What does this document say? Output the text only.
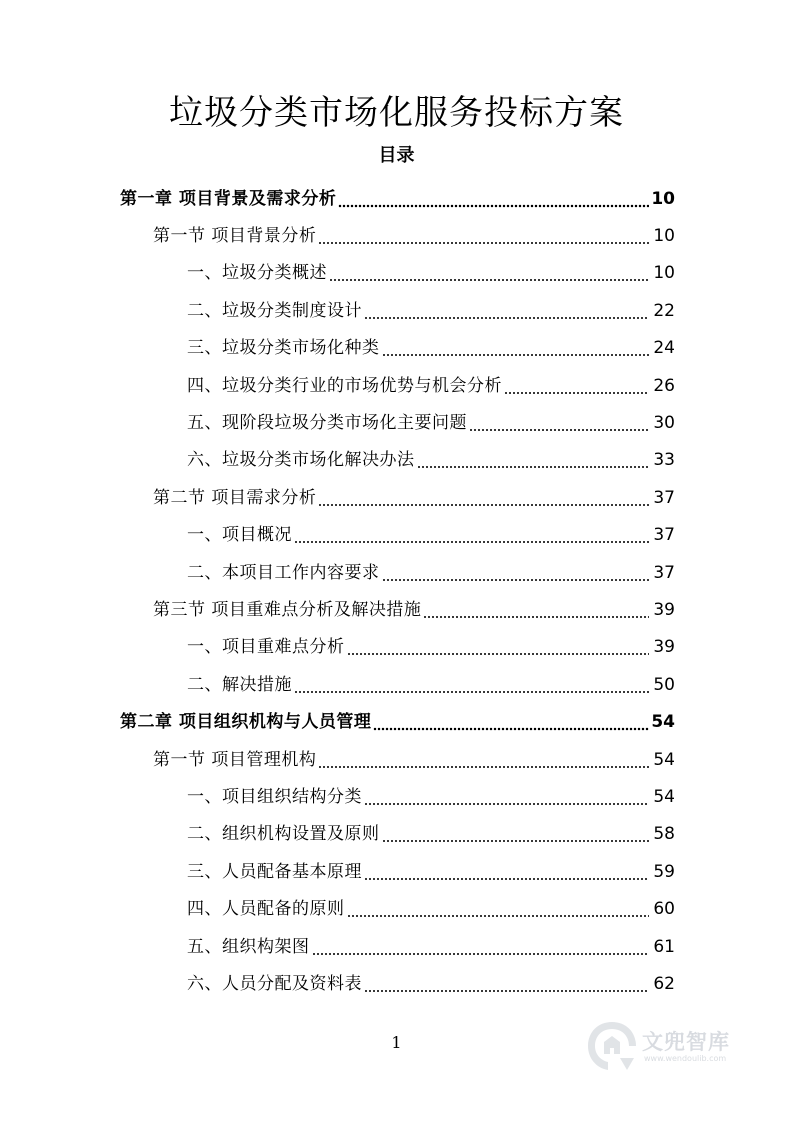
垃圾分类市场化服务投标方案
目录
第一章 项目背景及需求分析	10
第一节 项目背景分析	10
一、垃圾分类概述	10
二、垃圾分类制度设计	22
三、垃圾分类市场化种类	24
四、垃圾分类行业的市场优势与机会分析	26
五、现阶段垃圾分类市场化主要问题	30
六、垃圾分类市场化解决办法	33
第二节 项目需求分析	37
一、项目概况	37
二、本项目工作内容要求	37
第三节 项目重难点分析及解决措施	39
一、项目重难点分析	39
二、解决措施	50
第二章 项目组织机构与人员管理	54
第一节 项目管理机构	54
一、项目组织结构分类	54
二、组织机构设置及原则	58
三、人员配备基本原理	59
四、人员配备的原则	60
五、组织构架图	61
六、人员分配及资料表	62
1	文兜智库
www.wendoulib.com
